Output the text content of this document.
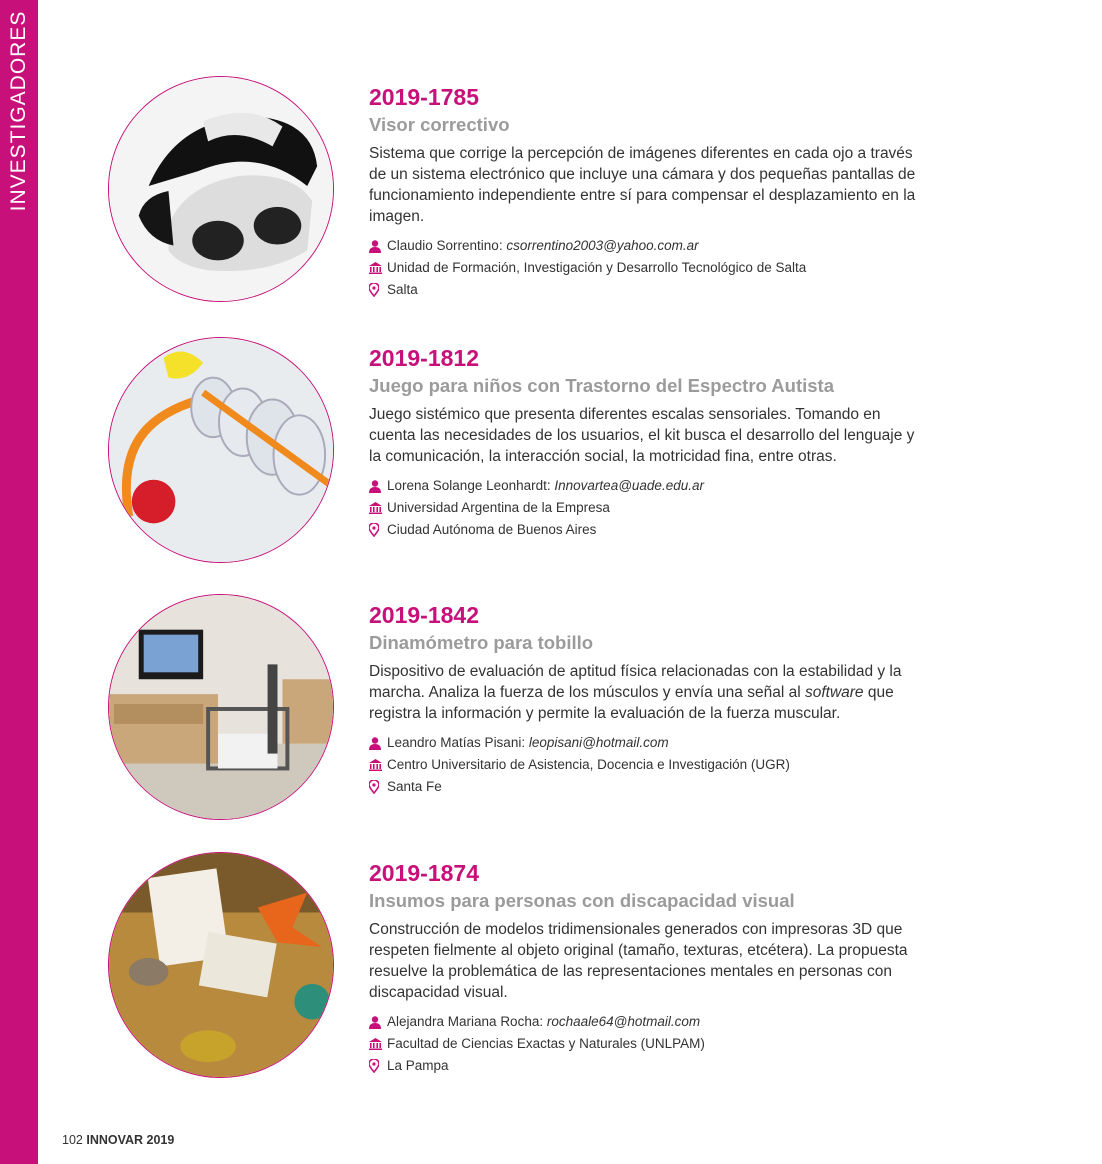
INVESTIGADORES	2019-1785
Visor correctivo

Sistema que corrige la percepción de imágenes diferentes en cada ojo a través de un sistema electrónico que incluye una cámara y dos pequeñas pantallas de funcionamiento independiente entre sí para compensar el desplazamiento en la imagen.

Claudio Sorrentino:
csorrentino2003@yahoo.com.ar
Unidad de Formación, Investigación y Desarrollo Tecnológico de Salta
Salta
2019-1812
Juego para niños con Trastorno del Espectro Autista

Juego sistémico que presenta diferentes escalas sensoriales. Tomando en cuenta las necesidades de los usuarios, el kit busca el desarrollo del lenguaje y la comunicación, la interacción social, la motricidad fina, entre otras.

Lorena Solange Leonhardt:
Innovartea@uade.edu.ar
Universidad Argentina de la Empresa
Ciudad Autónoma de Buenos Aires
2019-1842
Dinamómetro para tobillo

Dispositivo de evaluación de aptitud física relacionadas con la estabilidad y la marcha. Analiza la fuerza de los músculos y envía una señal al software que registra la información y permite la evaluación de la fuerza muscular.

Leandro Matías Pisani:
leopisani@hotmail.com
Centro Universitario de Asistencia, Docencia e Investigación (UGR)
Santa Fe
2019-1874
Insumos para personas con discapacidad visual

Construcción de modelos tridimensionales generados con impresoras 3D que respeten fielmente al objeto original (tamaño, texturas, etcétera). La propuesta resuelve la problemática de las representaciones mentales en personas con discapacidad visual.

Alejandra Mariana Rocha:
rochaale64@hotmail.com
Facultad de Ciencias Exactas y Naturales (UNLPAM)
La Pampa
102 INNOVAR 2019
